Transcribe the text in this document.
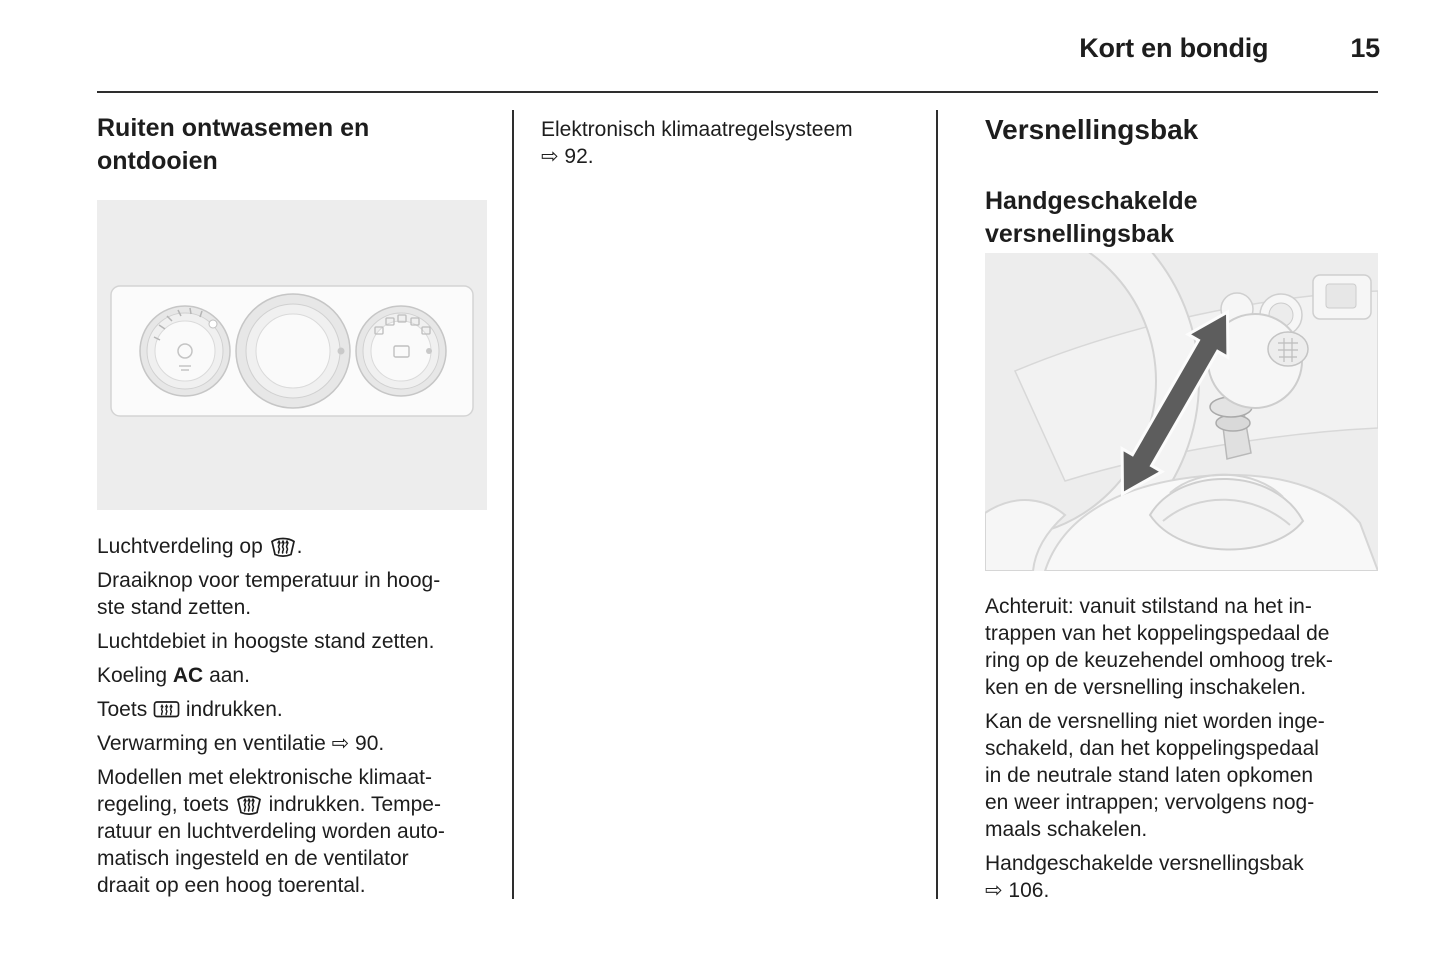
Kort en bondig	15
Ruiten ontwasemen en
ontdooien

Luchtverdeling op .

Draaiknop voor temperatuur in hoog-
ste stand zetten.

Luchtdebiet in hoogste stand zetten.

Koeling AC aan.

Toets  indrukken.

Verwarming en ventilatie ⇨ 90.

Modellen met elektronische klimaat-
regeling, toets  indrukken. Tempe-
ratuur en luchtverdeling worden auto-
matisch ingesteld en de ventilator
draait op een hoog toerental.

Elektronisch klimaatregelsysteem
⇨ 92.

Versnellingsbak
Handgeschakelde
versnellingsbak

Achteruit: vanuit stilstand na het in-
trappen van het koppelingspedaal de
ring op de keuzehendel omhoog trek-
ken en de versnelling inschakelen.

Kan de versnelling niet worden inge-
schakeld, dan het koppelingspedaal
in de neutrale stand laten opkomen
en weer intrappen; vervolgens nog-
maals schakelen.

Handgeschakelde versnellingsbak
⇨ 106.
